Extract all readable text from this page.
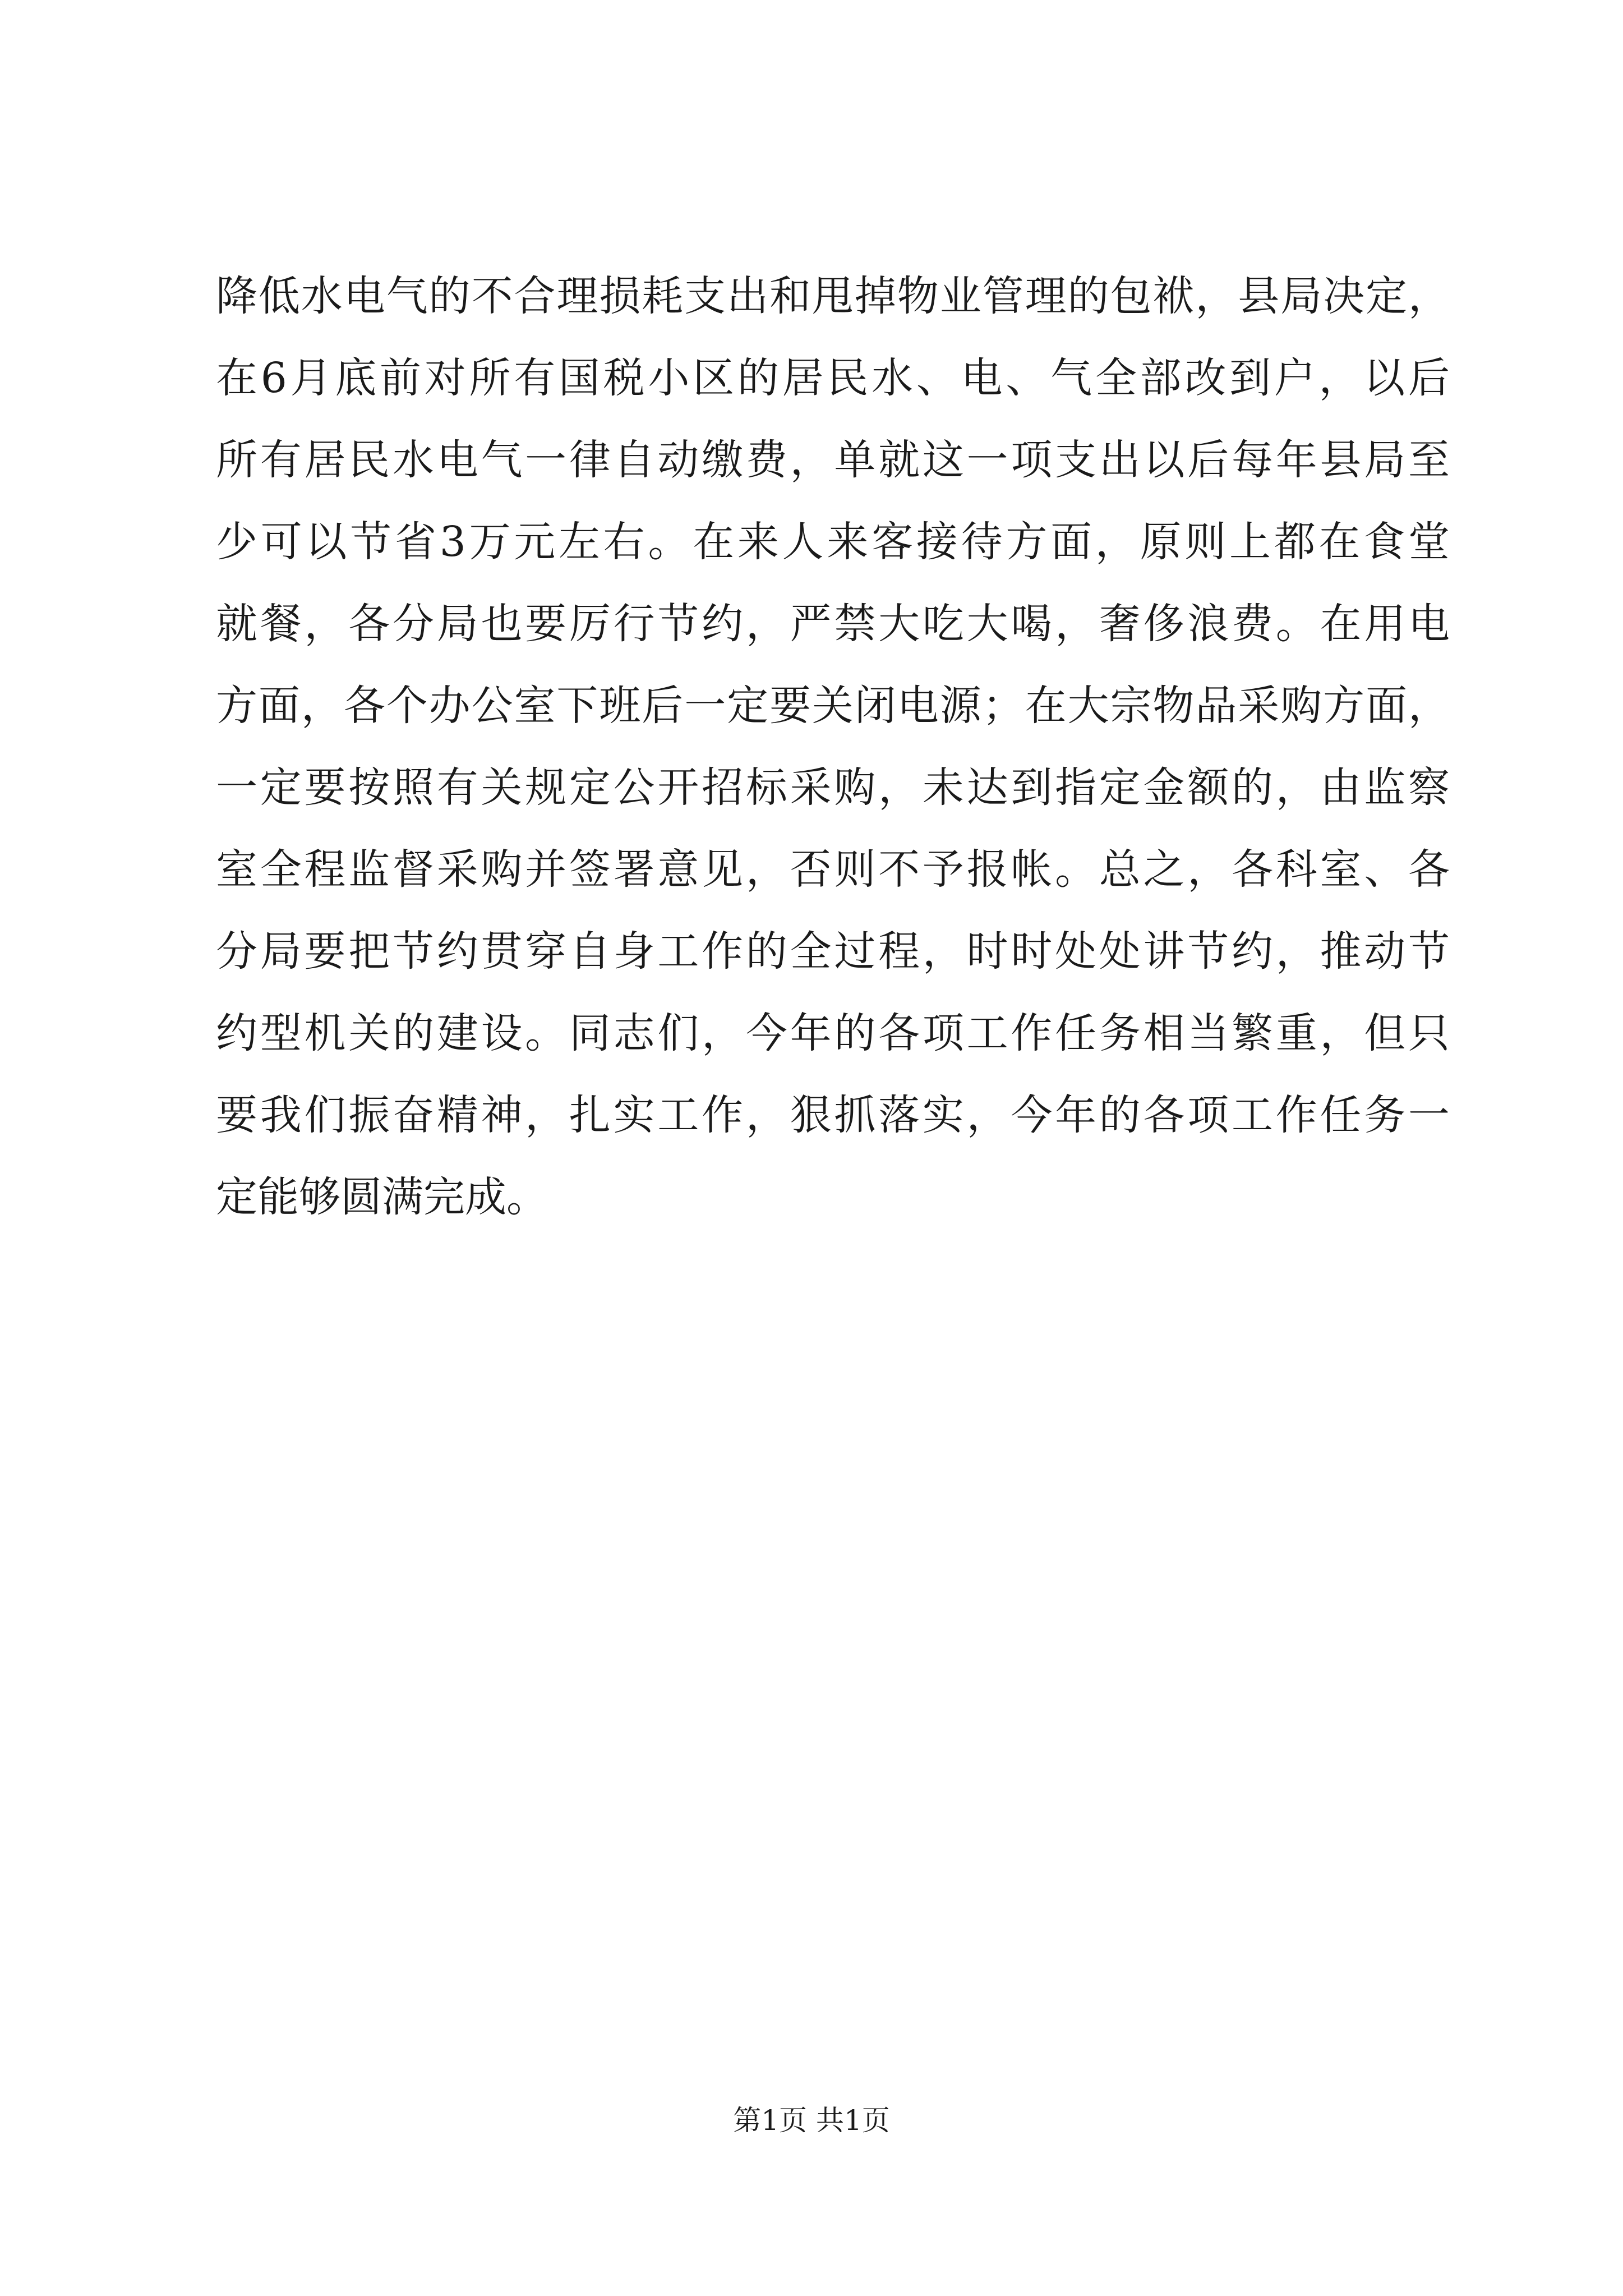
降低水电气的不合理损耗支出和甩掉物业管理的包袱，县局决定，
在6月底前对所有国税小区的居民水、电、气全部改到户，以后
所有居民水电气一律自动缴费，单就这一项支出以后每年县局至
少可以节省3万元左右。在来人来客接待方面，原则上都在食堂
就餐，各分局也要厉行节约，严禁大吃大喝，奢侈浪费。在用电
方面，各个办公室下班后一定要关闭电源；在大宗物品采购方面，
一定要按照有关规定公开招标采购，未达到指定金额的，由监察
室全程监督采购并签署意见，否则不予报帐。总之，各科室、各
分局要把节约贯穿自身工作的全过程，时时处处讲节约，推动节
约型机关的建设。同志们，今年的各项工作任务相当繁重，但只
要我们振奋精神，扎实工作，狠抓落实，今年的各项工作任务一
定能够圆满完成。
第1页 共1页
